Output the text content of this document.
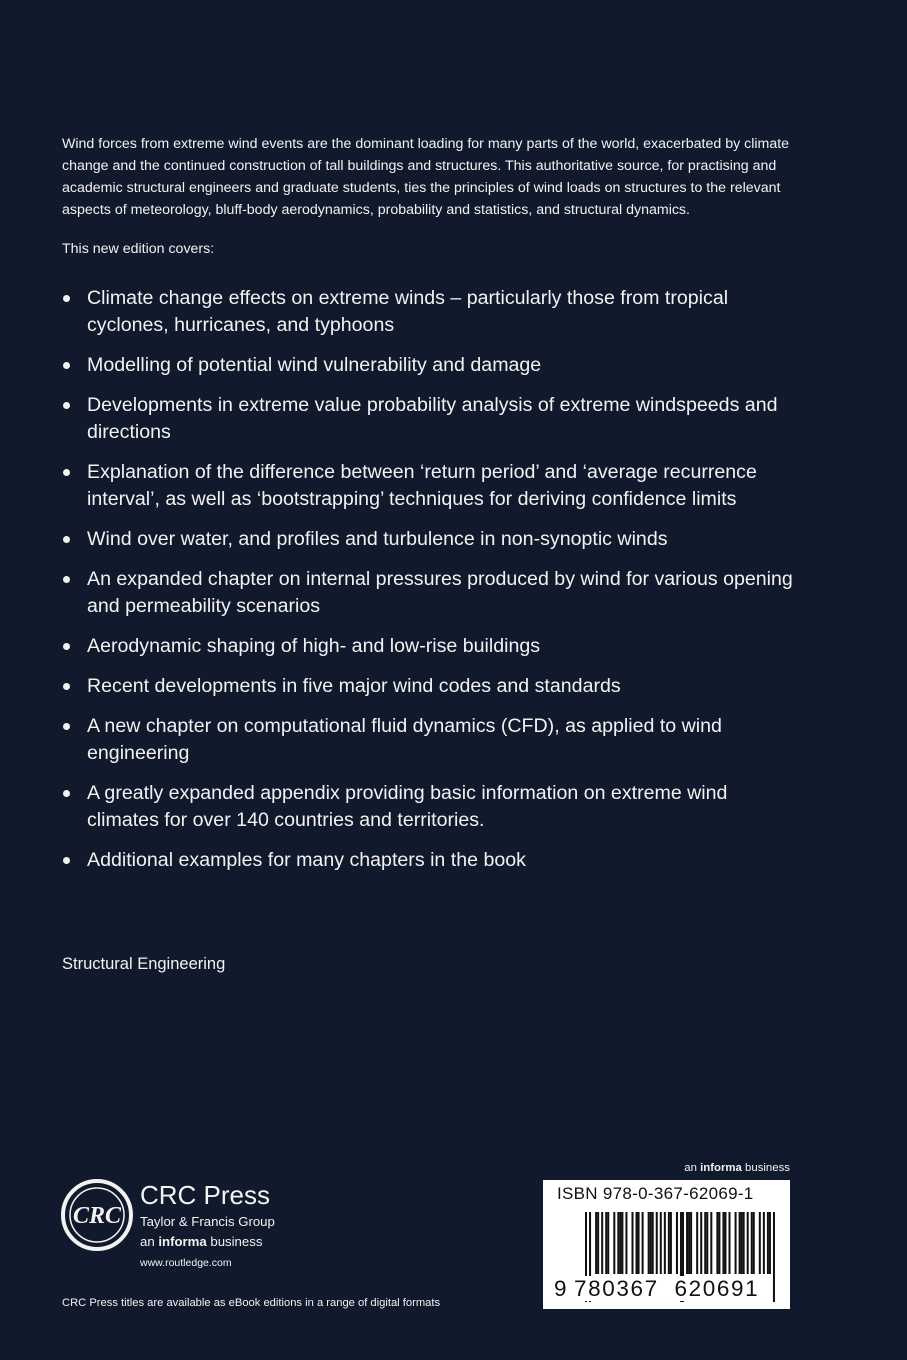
Wind forces from extreme wind events are the dominant loading for many parts of the world, exacerbated by climate change and the continued construction of tall buildings and structures. This authoritative source, for practising and academic structural engineers and graduate students, ties the principles of wind loads on structures to the relevant aspects of meteorology, bluff-body aerodynamics, probability and statistics, and structural dynamics.

This new edition covers:

Climate change effects on extreme winds – particularly those from tropical cyclones, hurricanes, and typhoons
Modelling of potential wind vulnerability and damage
Developments in extreme value probability analysis of extreme windspeeds and directions
Explanation of the difference between ‘return period’ and ‘average recurrence interval’, as well as ‘bootstrapping’ techniques for deriving confidence limits
Wind over water, and profiles and turbulence in non-synoptic winds
An expanded chapter on internal pressures produced by wind for various opening and permeability scenarios
Aerodynamic shaping of high- and low-rise buildings
Recent developments in five major wind codes and standards
A new chapter on computational fluid dynamics (CFD), as applied to wind engineering
A greatly expanded appendix providing basic information on extreme wind climates for over 140 countries and territories.
Additional examples for many chapters in the book

Structural Engineering

CRC
CRC Press
Taylor & Francis Group
an informa business
www.routledge.com
CRC Press titles are available as eBook editions in a range of digital formats
an informa business
ISBN 978-0-367-62069-1
9 780367 620691
